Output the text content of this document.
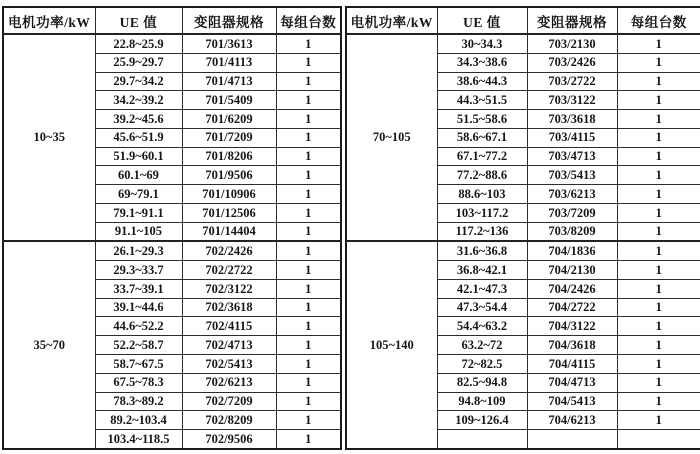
电机功率/kW	UE 值	变阻器规格	每组台数
10~35	22.8~25.9	701/3613	1
	25.9~29.7	701/4113	1
	29.7~34.2	701/4713	1
	34.2~39.2	701/5409	1
	39.2~45.6	701/6209	1
	45.6~51.9	701/7209	1
	51.9~60.1	701/8206	1
	60.1~69	701/9506	1
	69~79.1	701/10906	1
	79.1~91.1	701/12506	1
	91.1~105	701/14404	1
35~70	26.1~29.3	702/2426	1
	29.3~33.7	702/2722	1
	33.7~39.1	702/3122	1
	39.1~44.6	702/3618	1
	44.6~52.2	702/4115	1
	52.2~58.7	702/4713	1
	58.7~67.5	702/5413	1
	67.5~78.3	702/6213	1
	78.3~89.2	702/7209	1
	89.2~103.4	702/8209	1
	103.4~118.5	702/9506	1
电机功率/kW	UE 值	变阻器规格	每组台数
70~105	30~34.3	703/2130	1
	34.3~38.6	703/2426	1
	38.6~44.3	703/2722	1
	44.3~51.5	703/3122	1
	51.5~58.6	703/3618	1
	58.6~67.1	703/4115	1
	67.1~77.2	703/4713	1
	77.2~88.6	703/5413	1
	88.6~103	703/6213	1
	103~117.2	703/7209	1
	117.2~136	703/8209	1
105~140	31.6~36.8	704/1836	1
	36.8~42.1	704/2130	1
	42.1~47.3	704/2426	1
	47.3~54.4	704/2722	1
	54.4~63.2	704/3122	1
	63.2~72	704/3618	1
	72~82.5	704/4115	1
	82.5~94.8	704/4713	1
	94.8~109	704/5413	1
	109~126.4	704/6213	1
